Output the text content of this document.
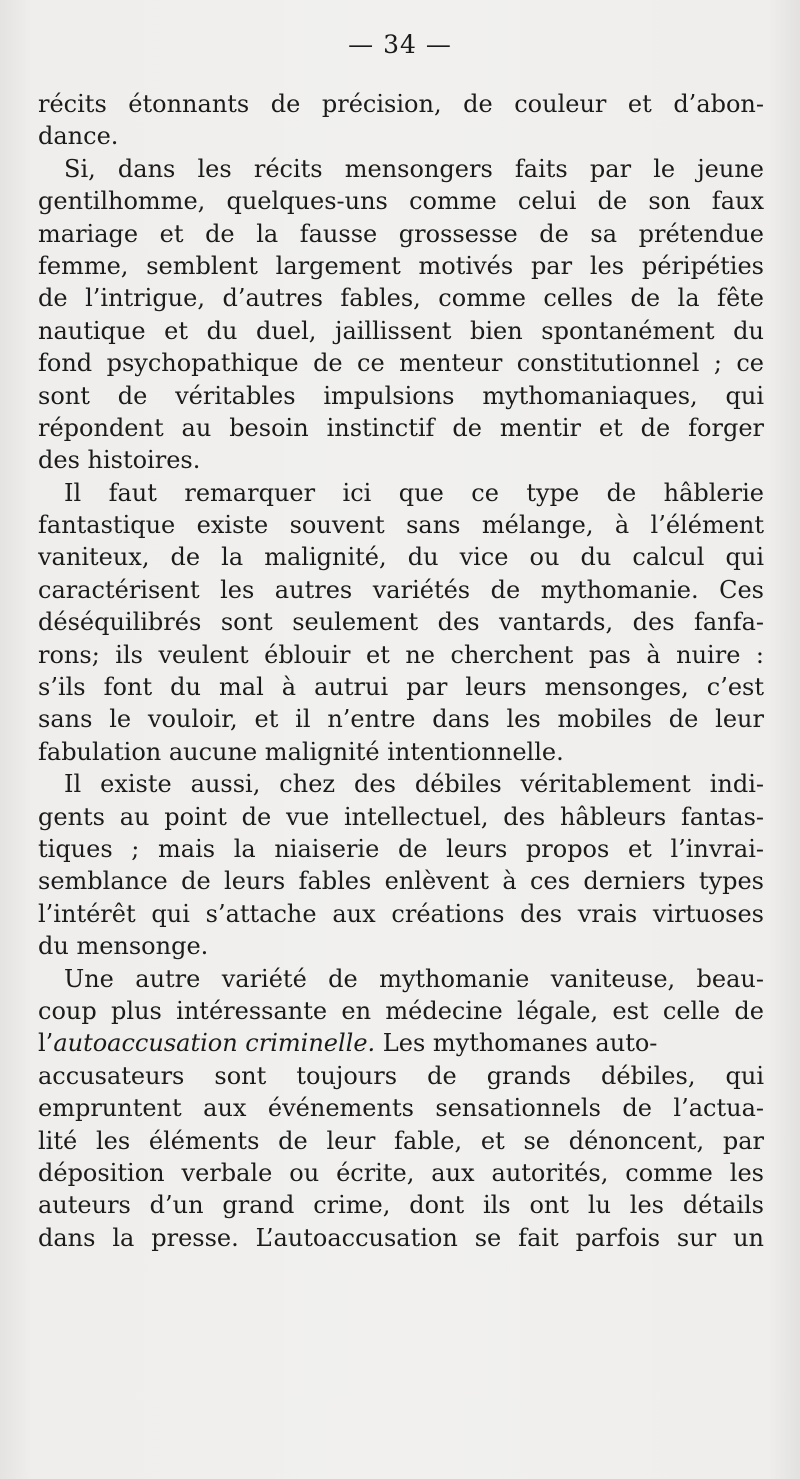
— 34 —
récits étonnants de précision, de couleur et d’abon-
dance.
Si, dans les récits mensongers faits par le jeune
gentilhomme, quelques-uns comme celui de son faux
mariage et de la fausse grossesse de sa prétendue
femme, semblent largement motivés par les péripéties
de l’intrigue, d’autres fables, comme celles de la fête
nautique et du duel, jaillissent bien spontanément du
fond psychopathique de ce menteur constitutionnel ; ce
sont de véritables impulsions mythomaniaques, qui
répondent au besoin instinctif de mentir et de forger
des histoires.
Il faut remarquer ici que ce type de hâblerie
fantastique existe souvent sans mélange, à l’élément
vaniteux, de la malignité, du vice ou du calcul qui
caractérisent les autres variétés de mythomanie. Ces
déséquilibrés sont seulement des vantards, des fanfa-
rons; ils veulent éblouir et ne cherchent pas à nuire :
s’ils font du mal à autrui par leurs mensonges, c’est
sans le vouloir, et il n’entre dans les mobiles de leur
fabulation aucune malignité intentionnelle.
Il existe aussi, chez des débiles véritablement indi-
gents au point de vue intellectuel, des hâbleurs fantas-
tiques ; mais la niaiserie de leurs propos et l’invrai-
semblance de leurs fables enlèvent à ces derniers types
l’intérêt qui s’attache aux créations des vrais virtuoses
du mensonge.
Une autre variété de mythomanie vaniteuse, beau-
coup plus intéressante en médecine légale, est celle de
l’autoaccusation criminelle. Les mythomanes auto-
accusateurs sont toujours de grands débiles, qui
empruntent aux événements sensationnels de l’actua-
lité les éléments de leur fable, et se dénoncent, par
déposition verbale ou écrite, aux autorités, comme les
auteurs d’un grand crime, dont ils ont lu les détails
dans la presse. L’autoaccusation se fait parfois sur un
